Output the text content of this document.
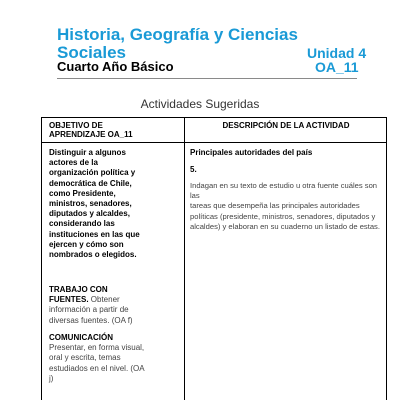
Historia, Geografía y Ciencias
Sociales	Unidad 4
Cuarto Año Básico	OA_11
Actividades Sugeridas
OBJETIVO DE
APRENDIZAJE OA_11
DESCRIPCIÓN DE LA ACTIVIDAD
Distinguir a algunos
actores de la
organización política y
democrática de Chile,
como Presidente,
ministros, senadores,
diputados y alcaldes,
considerando las
instituciones en las que
ejercen y cómo son
nombrados o elegidos.
TRABAJO CON
FUENTES. Obtener
información a partir de
diversas fuentes. (OA f)
COMUNICACIÓN
Presentar, en forma visual,
oral y escrita, temas
estudiados en el nivel. (OA
j)
Principales autoridades del país
5.
Indagan en su texto de estudio u otra fuente cuáles son las
tareas que desempeña las principales autoridades
políticas (presidente, ministros, senadores, diputados y
alcaldes) y elaboran en su cuaderno un listado de estas.
